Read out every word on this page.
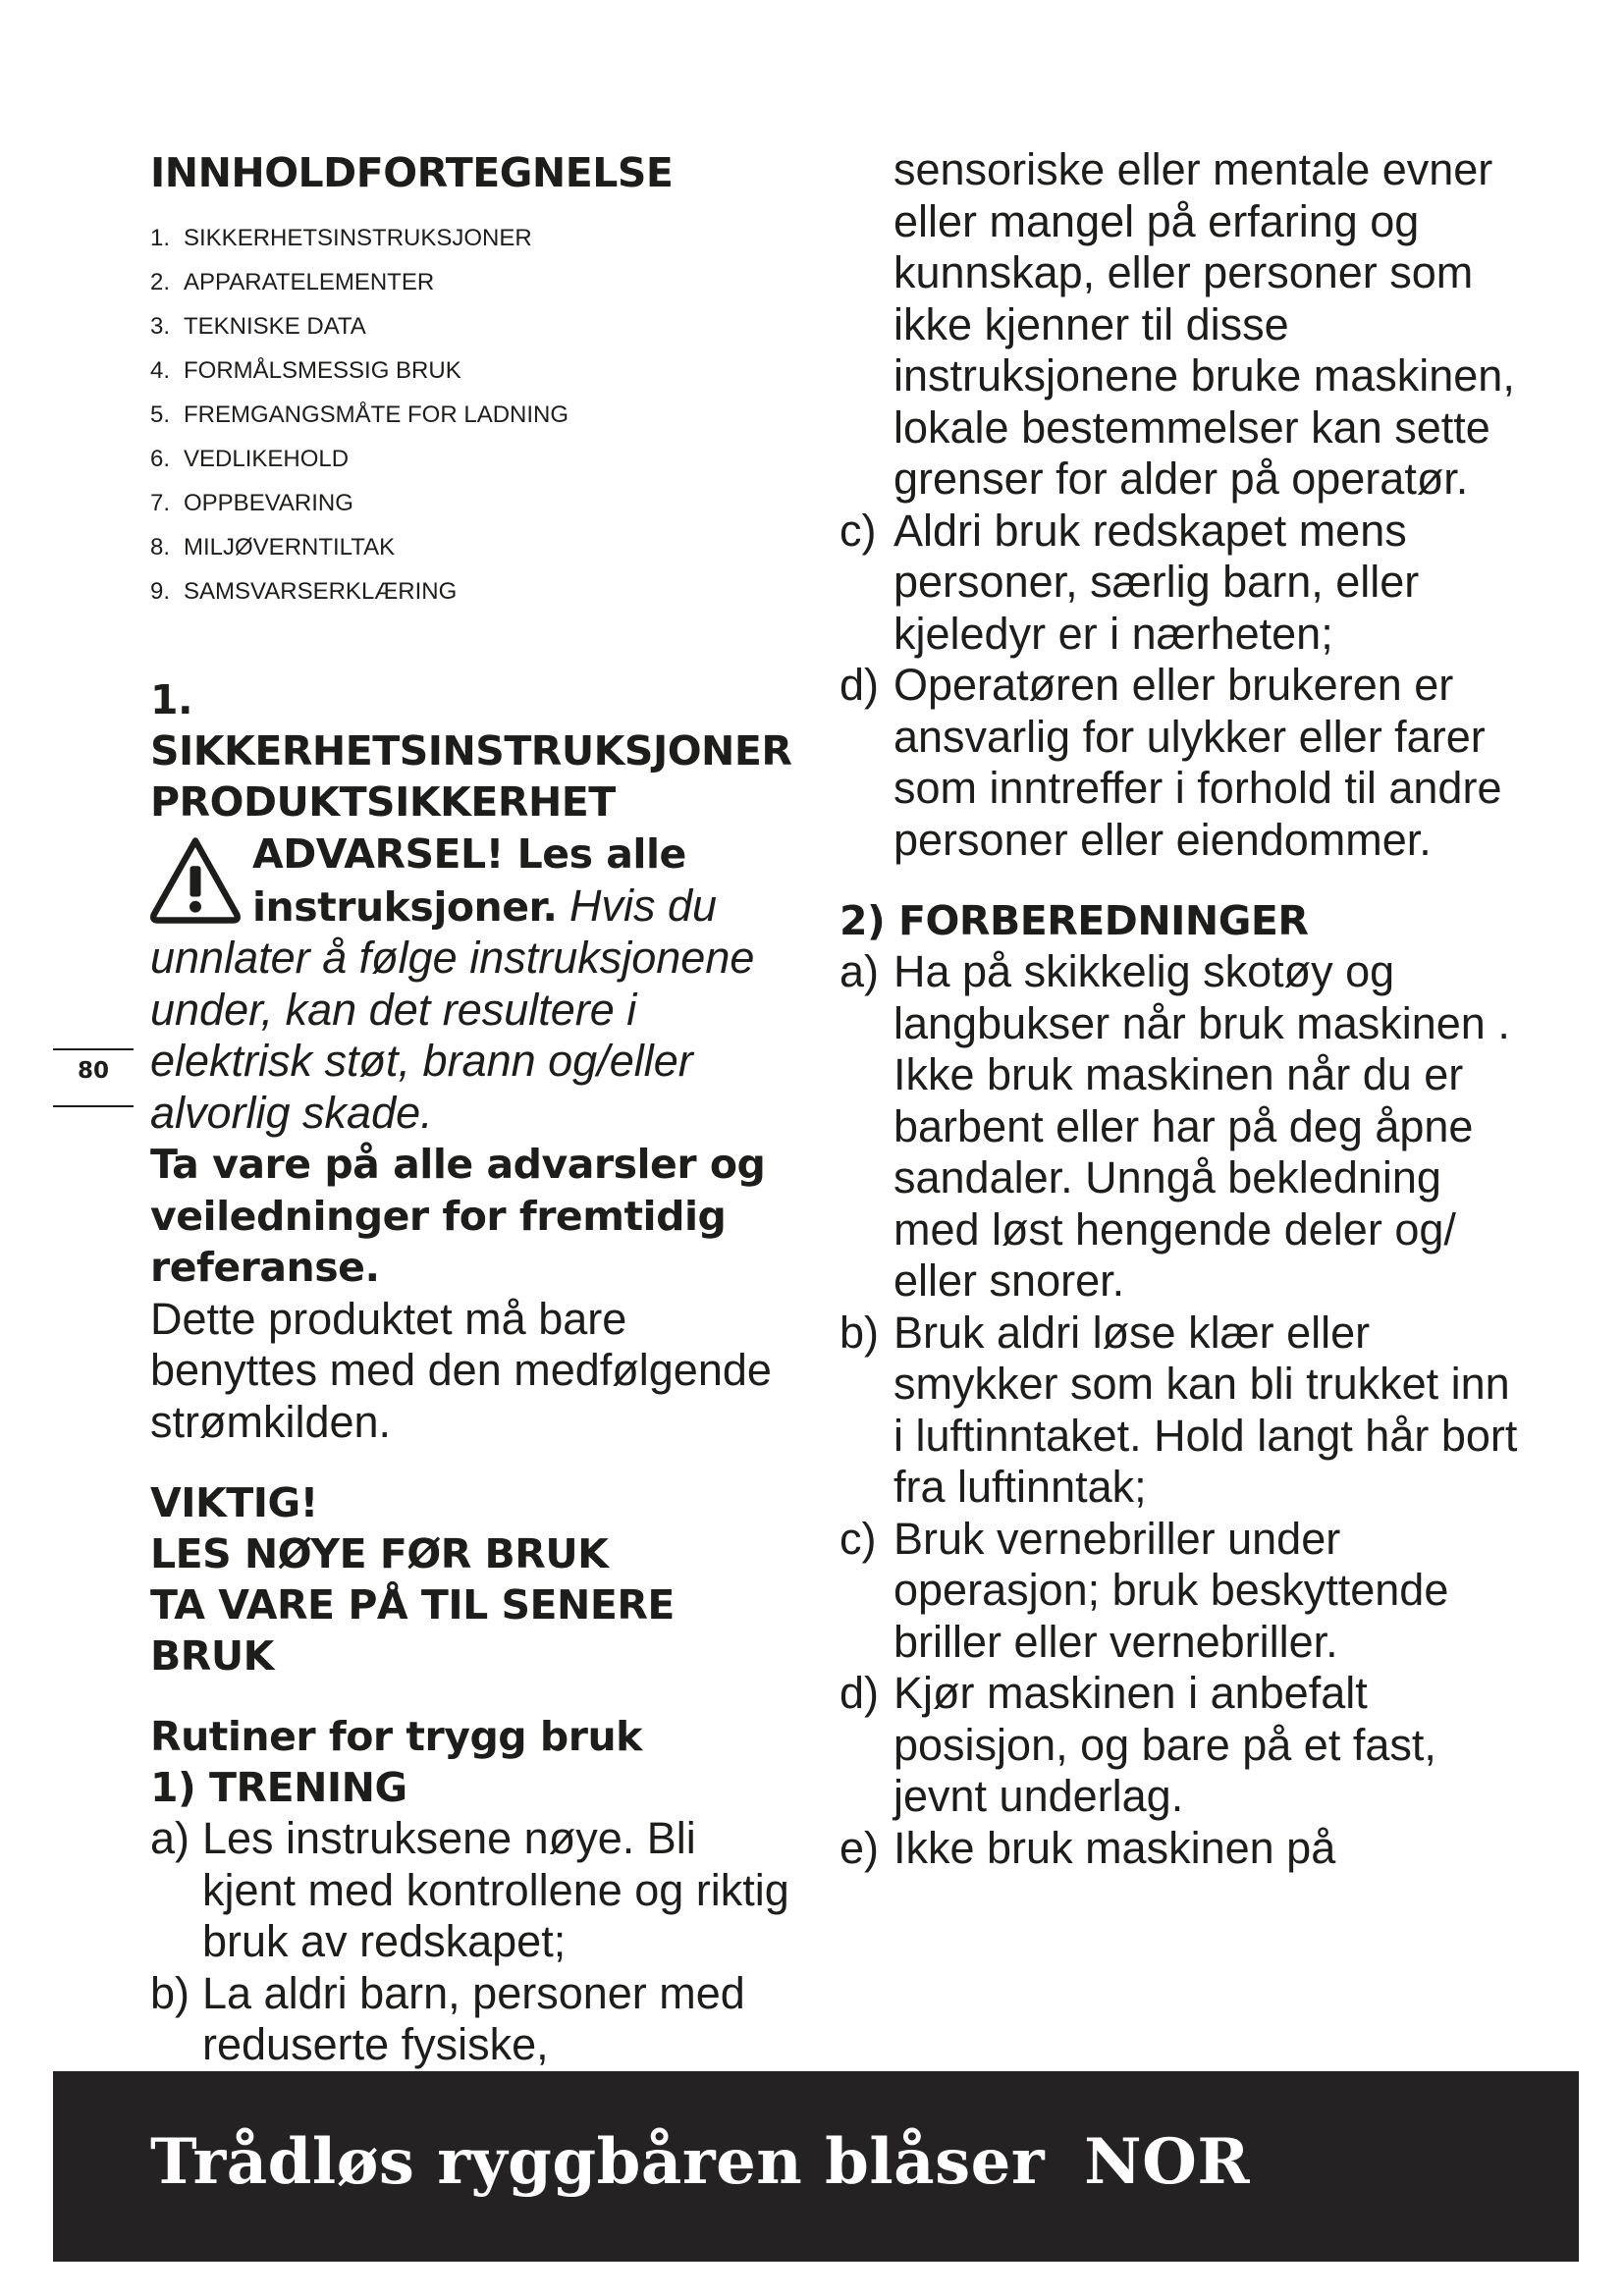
INNHOLDFORTEGNELSE
1. SIKKERHETSINSTRUKSJONER
2. APPARATELEMENTER
3. TEKNISKE DATA
4. FORMÅLSMESSIG BRUK
5. FREMGANGSMÅTE FOR LADNING
6. VEDLIKEHOLD
7. OPPBEVARING
8. MILJØVERNTILTAK
9. SAMSVARSERKLÆRING
1. SIKKERHETSINSTRUKSJONER
PRODUKTSIKKERHET

ADVARSEL! Les alle instruksjoner. Hvis du unnlater å følge instruksjonene under, kan det resultere i elektrisk støt, brann og/eller alvorlig skade.

Ta vare på alle advarsler og veiledninger for fremtidig referanse.

Dette produktet må bare benyttes med den medfølgende strømkilden.

VIKTIG!
LES NØYE FØR BRUK
TA VARE PÅ TIL SENERE BRUK

Rutiner for trygg bruk

1) TRENING

a) Les instruksene nøye. Bli kjent med kontrollene og riktig bruk av redskapet;

b) La aldri barn, personer med reduserte fysiske,

sensoriske eller mentale evner eller mangel på erfaring og kunnskap, eller personer som ikke kjenner til disse instruksjonene bruke maskinen, lokale bestemmelser kan sette grenser for alder på operatør.

c) Aldri bruk redskapet mens personer, særlig barn, eller kjeledyr er i nærheten;

d) Operatøren eller brukeren er ansvarlig for ulykker eller farer som inntreffer i forhold til andre personer eller eiendommer.

2) FORBEREDNINGER

a) Ha på skikkelig skotøy og langbukser når bruk maskinen . Ikke bruk maskinen når du er barbent eller har på deg åpne sandaler. Unngå bekledning med løst hengende deler og/ eller snorer.

b) Bruk aldri løse klær eller smykker som kan bli trukket inn i luftinntaket. Hold langt hår bort fra luftinntak;

c) Bruk vernebriller under operasjon; bruk beskyttende briller eller vernebriller.

d) Kjør maskinen i anbefalt posisjon, og bare på et fast, jevnt underlag.

e) Ikke bruk maskinen på

80
Trådløs ryggbåren blåser NOR
